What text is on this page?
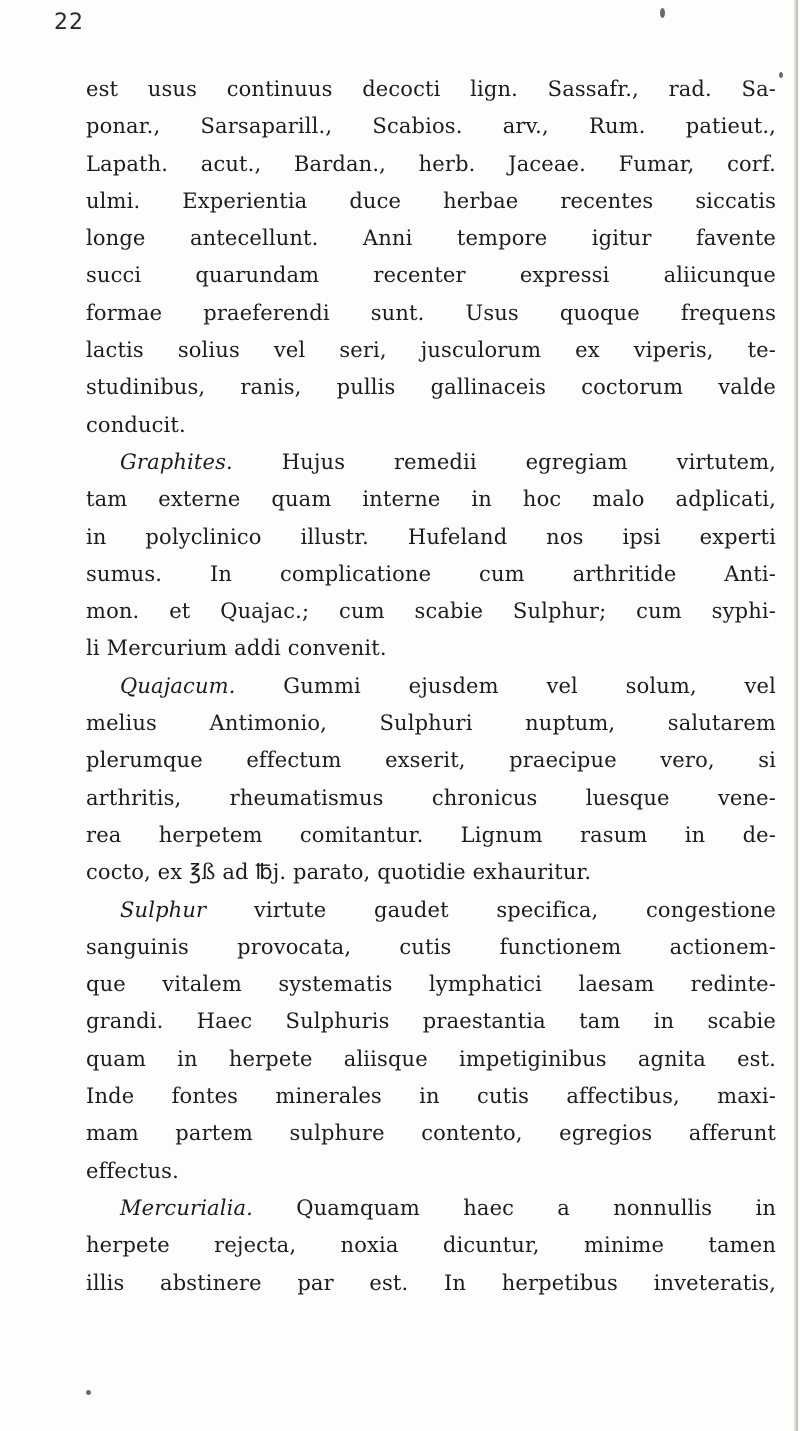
22
est usus continuus decocti lign. Sassafr., rad. Sa-
ponar., Sarsaparill., Scabios. arv., Rum. patieut.,
Lapath. acut., Bardan., herb. Jaceae. Fumar, corf.
ulmi. Experientia duce herbae recentes siccatis
longe antecellunt. Anni tempore igitur favente
succi quarundam recenter expressi aliicunque
formae praeferendi sunt. Usus quoque frequens
lactis solius vel seri, jusculorum ex viperis, te-
studinibus, ranis, pullis gallinaceis coctorum valde
conducit.
Graphites. Hujus remedii egregiam virtutem,
tam externe quam interne in hoc malo adplicati,
in polyclinico illustr. Hufeland nos ipsi experti
sumus. In complicatione cum arthritide Anti-
mon. et Quajac.; cum scabie Sulphur; cum syphi-
li Mercurium addi convenit.
Quajacum. Gummi ejusdem vel solum, vel
melius Antimonio, Sulphuri nuptum, salutarem
plerumque effectum exserit, praecipue vero, si
arthritis, rheumatismus chronicus luesque vene-
rea herpetem comitantur. Lignum rasum in de-
cocto, ex ℥ß ad ℔j. parato, quotidie exhauritur.
Sulphur virtute gaudet specifica, congestione
sanguinis provocata, cutis functionem actionem-
que vitalem systematis lymphatici laesam redinte-
grandi. Haec Sulphuris praestantia tam in scabie
quam in herpete aliisque impetiginibus agnita est.
Inde fontes minerales in cutis affectibus, maxi-
mam partem sulphure contento, egregios afferunt
effectus.
Mercurialia. Quamquam haec a nonnullis in
herpete rejecta, noxia dicuntur, minime tamen
illis abstinere par est. In herpetibus inveteratis,
